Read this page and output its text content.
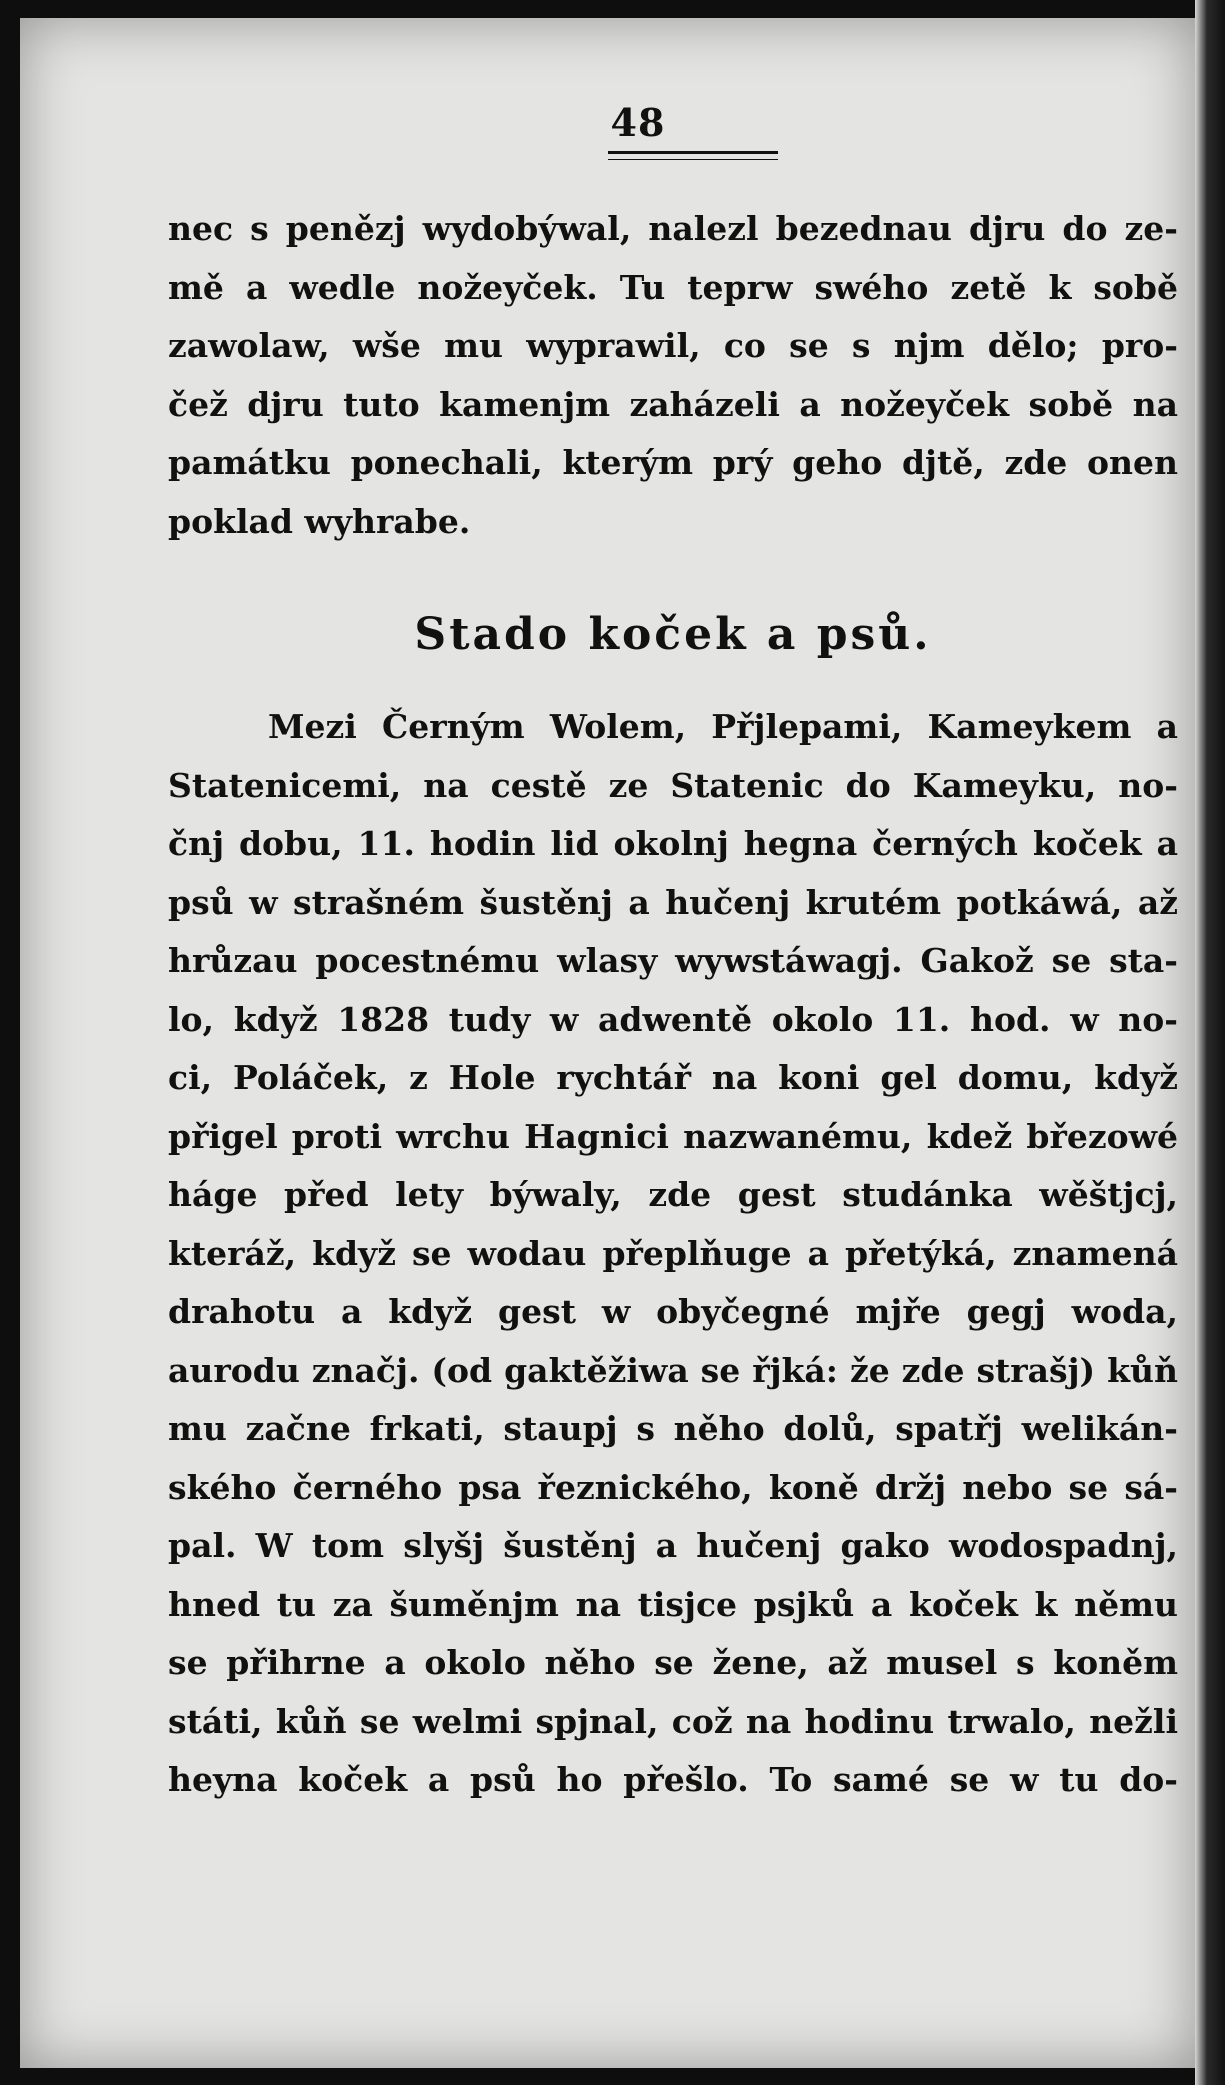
48
nec s penězj wydobýwal, nalezl bezednau djru do ze-
mě a wedle nožeyček. Tu teprw swého zetě k sobě
zawolaw, wše mu wyprawil, co se s njm dělo; pro-
čež djru tuto kamenjm zaházeli a nožeyček sobě na
památku ponechali, kterým prý geho djtě, zde onen
poklad wyhrabe.
Stado koček a psů.
Mezi Černým Wolem, Přjlepami, Kameykem a
Statenicemi, na cestě ze Statenic do Kameyku, no-
čnj dobu, 11. hodin lid okolnj hegna černých koček a
psů w strašném šustěnj a hučenj krutém potkáwá, až
hrůzau pocestnému wlasy wywstáwagj. Gakož se sta-
lo, když 1828 tudy w adwentě okolo 11. hod. w no-
ci, Poláček, z Hole rychtář na koni gel domu, když
přigel proti wrchu Hagnici nazwanému, kdež březowé
háge před lety býwaly, zde gest studánka wěštjcj,
kteráž, když se wodau přeplňuge a přetýká, znamená
drahotu a když gest w obyčegné mjře gegj woda,
aurodu značj. (od gaktěžiwa se řjká: že zde strašj) kůň
mu začne frkati, staupj s něho dolů, spatřj welikán-
ského černého psa řeznického, koně držj nebo se sá-
pal. W tom slyšj šustěnj a hučenj gako wodospadnj,
hned tu za šuměnjm na tisjce psjků a koček k němu
se přihrne a okolo něho se žene, až musel s koněm
státi, kůň se welmi spjnal, což na hodinu trwalo, nežli
heyna koček a psů ho přešlo. To samé se w tu do-
